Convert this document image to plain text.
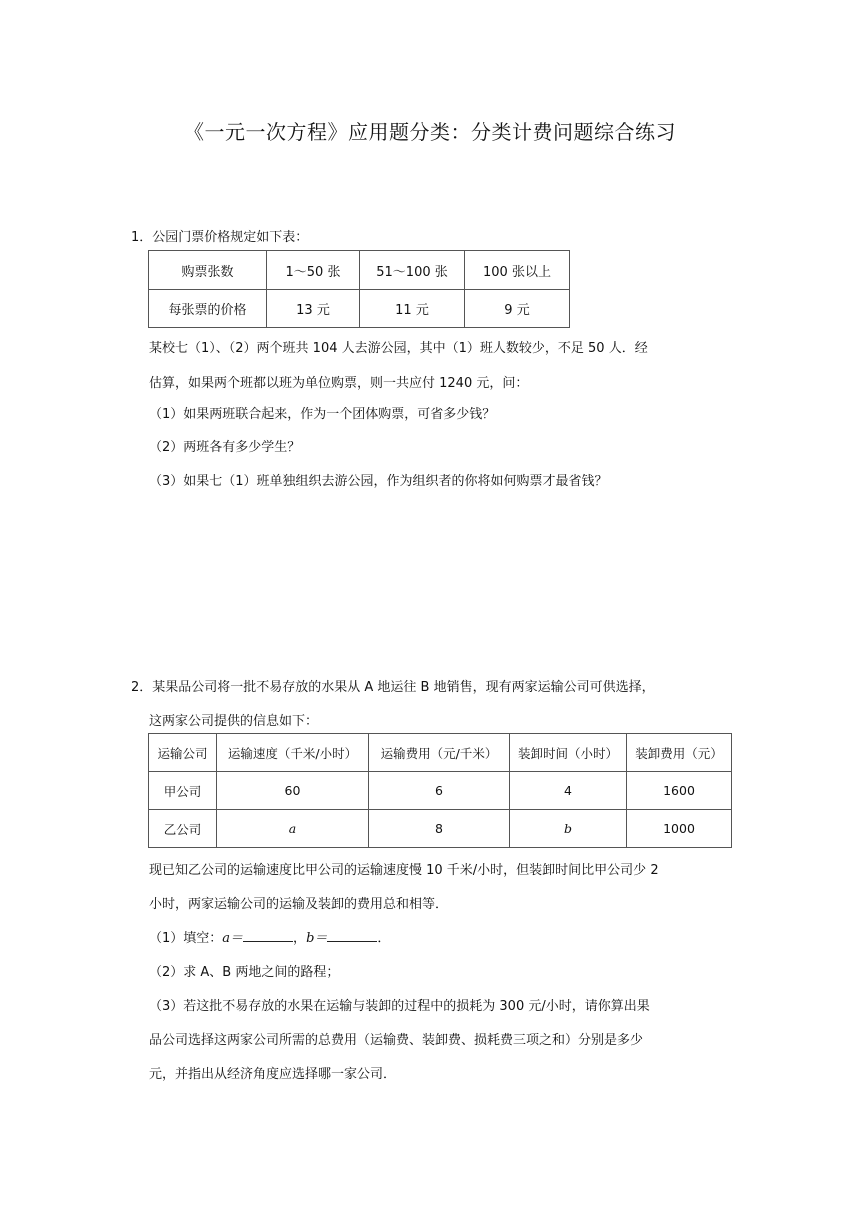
《一元一次方程》应用题分类：分类计费问题综合练习
1．公园门票价格规定如下表：
购票张数	1～50 张	51～100 张	100 张以上
每张票的价格	13 元	11 元	9 元
某校七（1）、（2）两个班共 104 人去游公园，其中（1）班人数较少，不足 50 人．经
估算，如果两个班都以班为单位购票，则一共应付 1240 元，问：
（1）如果两班联合起来，作为一个团体购票，可省多少钱？
（2）两班各有多少学生？
（3）如果七（1）班单独组织去游公园，作为组织者的你将如何购票才最省钱？
2．某果品公司将一批不易存放的水果从 A 地运往 B 地销售，现有两家运输公司可供选择，
这两家公司提供的信息如下：
运输公司	运输速度（千米/小时）	运输费用（元/千米）	装卸时间（小时）	装卸费用（元）
甲公司	60	6	4	1600
乙公司	a	8	b	1000
现已知乙公司的运输速度比甲公司的运输速度慢 10 千米/小时，但装卸时间比甲公司少 2
小时，两家运输公司的运输及装卸的费用总和相等．
（1）填空：a＝	，b＝	．
（2）求 A、B 两地之间的路程；
（3）若这批不易存放的水果在运输与装卸的过程中的损耗为 300 元/小时，请你算出果
品公司选择这两家公司所需的总费用（运输费、装卸费、损耗费三项之和）分别是多少
元，并指出从经济角度应选择哪一家公司．
